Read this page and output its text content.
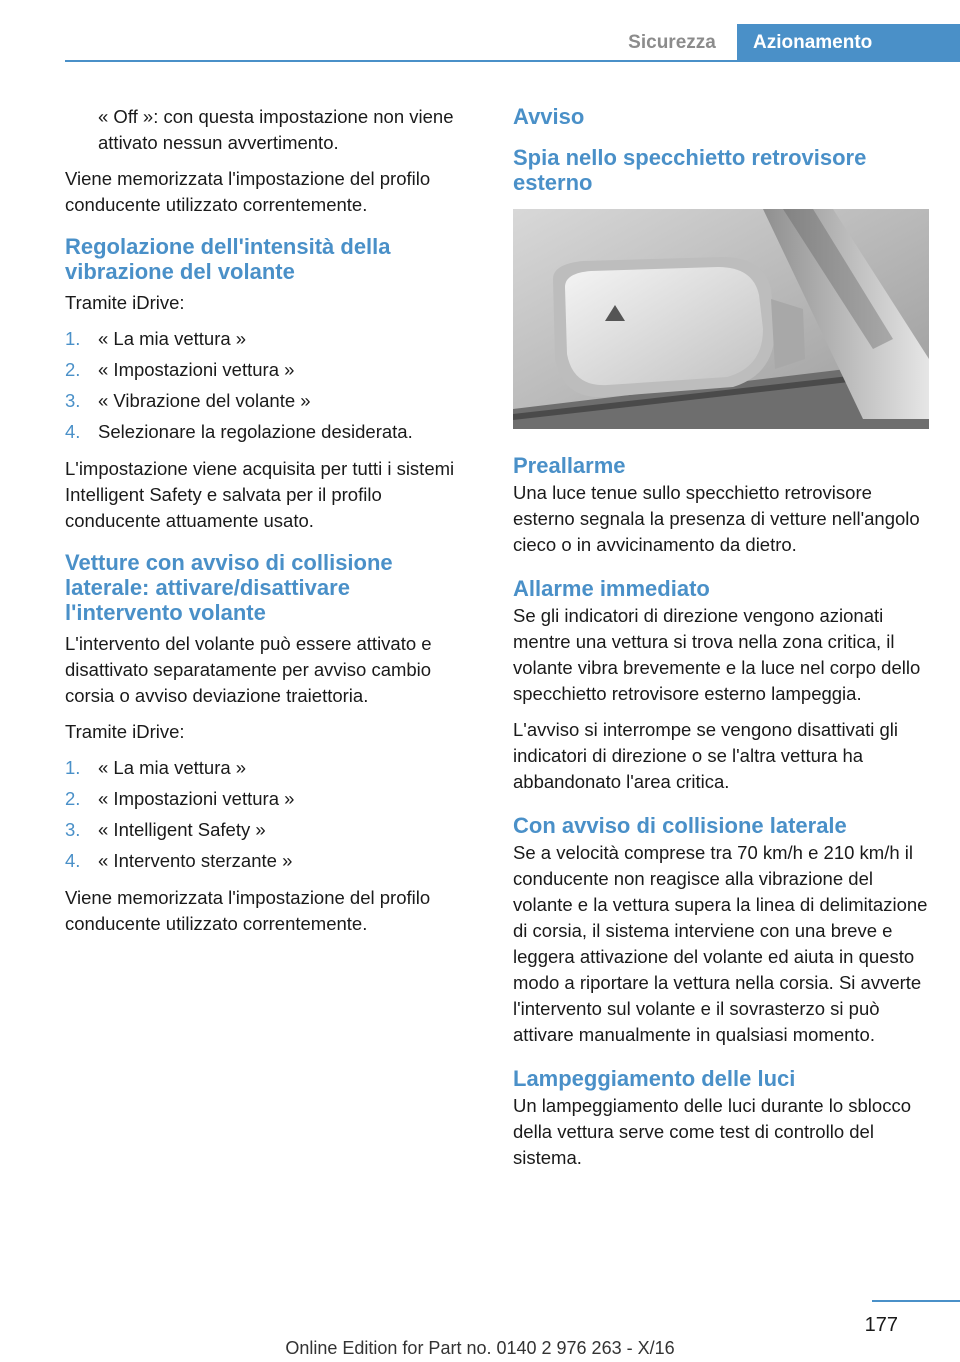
Sicurezza	Azionamento

« Off »: con questa impostazione non viene attivato nessun avvertimento.

Viene memorizzata l'impostazione del profilo conducente utilizzato correntemente.

Regolazione dell'intensità della vibrazione del volante

Tramite iDrive:

1. « La mia vettura »
2. « Impostazioni vettura »
3. « Vibrazione del volante »
4. Selezionare la regolazione desiderata.

L'impostazione viene acquisita per tutti i sistemi Intelligent Safety e salvata per il profilo conducente attuamente usato.

Vetture con avviso di collisione laterale: attivare/disattivare l'intervento volante

L'intervento del volante può essere attivato e disattivato separatamente per avviso cambio corsia o avviso deviazione traiettoria.

Tramite iDrive:

1. « La mia vettura »
2. « Impostazioni vettura »
3. « Intelligent Safety »
4. « Intervento sterzante »

Viene memorizzata l'impostazione del profilo conducente utilizzato correntemente.

Avviso
Spia nello specchietto retrovisore esterno
Preallarme

Una luce tenue sullo specchietto retrovisore esterno segnala la presenza di vetture nell'angolo cieco o in avvicinamento da dietro.

Allarme immediato

Se gli indicatori di direzione vengono azionati mentre una vettura si trova nella zona critica, il volante vibra brevemente e la luce nel corpo dello specchietto retrovisore esterno lampeggia.

L'avviso si interrompe se vengono disattivati gli indicatori di direzione o se l'altra vettura ha abbandonato l'area critica.

Con avviso di collisione laterale

Se a velocità comprese tra 70 km/h e 210 km/h il conducente non reagisce alla vibrazione del volante e la vettura supera la linea di delimitazione di corsia, il sistema interviene con una breve e leggera attivazione del volante ed aiuta in questo modo a riportare la vettura nella corsia. Si avverte l'intervento sul volante e il sovrasterzo si può attivare manualmente in qualsiasi momento.

Lampeggiamento delle luci

Un lampeggiamento delle luci durante lo sblocco della vettura serve come test di controllo del sistema.

177
Online Edition for Part no. 0140 2 976 263 - X/16
